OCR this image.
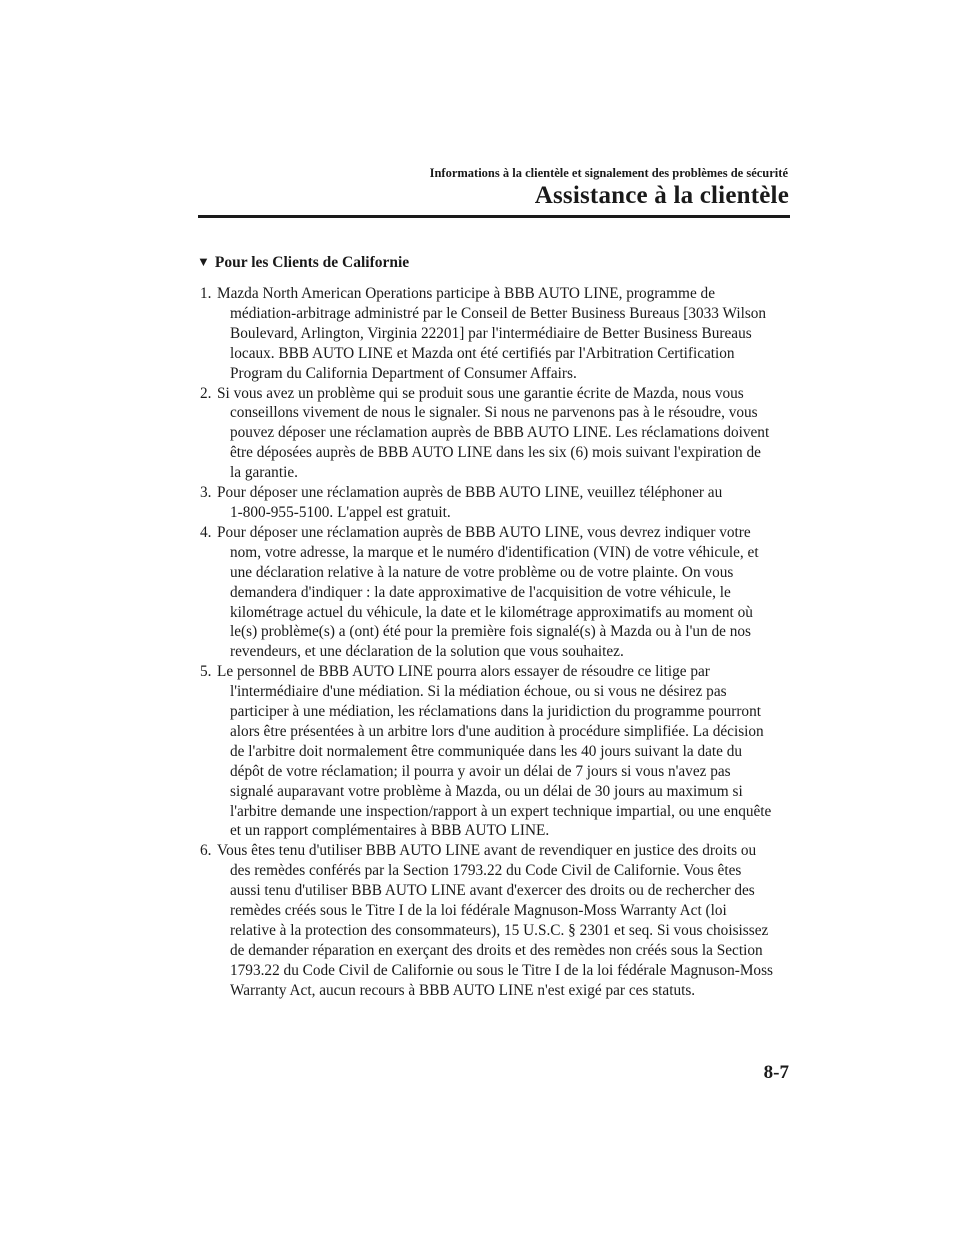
Informations à la clientèle et signalement des problèmes de sécurité
Assistance à la clientèle
▼ Pour les Clients de Californie
1. Mazda North American Operations participe à BBB AUTO LINE, programme de
médiation-arbitrage administré par le Conseil de Better Business Bureaus [3033 Wilson
Boulevard, Arlington, Virginia 22201] par l'intermédiaire de Better Business Bureaus
locaux. BBB AUTO LINE et Mazda ont été certifiés par l'Arbitration Certification
Program du California Department of Consumer Affairs.
2. Si vous avez un problème qui se produit sous une garantie écrite de Mazda, nous vous
conseillons vivement de nous le signaler. Si nous ne parvenons pas à le résoudre, vous
pouvez déposer une réclamation auprès de BBB AUTO LINE. Les réclamations doivent
être déposées auprès de BBB AUTO LINE dans les six (6) mois suivant l'expiration de
la garantie.
3. Pour déposer une réclamation auprès de BBB AUTO LINE, veuillez téléphoner au
1-800-955-5100. L'appel est gratuit.
4. Pour déposer une réclamation auprès de BBB AUTO LINE, vous devrez indiquer votre
nom, votre adresse, la marque et le numéro d'identification (VIN) de votre véhicule, et
une déclaration relative à la nature de votre problème ou de votre plainte. On vous
demandera d'indiquer : la date approximative de l'acquisition de votre véhicule, le
kilométrage actuel du véhicule, la date et le kilométrage approximatifs au moment où
le(s) problème(s) a (ont) été pour la première fois signalé(s) à Mazda ou à l'un de nos
revendeurs, et une déclaration de la solution que vous souhaitez.
5. Le personnel de BBB AUTO LINE pourra alors essayer de résoudre ce litige par
l'intermédiaire d'une médiation. Si la médiation échoue, ou si vous ne désirez pas
participer à une médiation, les réclamations dans la juridiction du programme pourront
alors être présentées à un arbitre lors d'une audition à procédure simplifiée. La décision
de l'arbitre doit normalement être communiquée dans les 40 jours suivant la date du
dépôt de votre réclamation; il pourra y avoir un délai de 7 jours si vous n'avez pas
signalé auparavant votre problème à Mazda, ou un délai de 30 jours au maximum si
l'arbitre demande une inspection/rapport à un expert technique impartial, ou une enquête
et un rapport complémentaires à BBB AUTO LINE.
6. Vous êtes tenu d'utiliser BBB AUTO LINE avant de revendiquer en justice des droits ou
des remèdes conférés par la Section 1793.22 du Code Civil de Californie. Vous êtes
aussi tenu d'utiliser BBB AUTO LINE avant d'exercer des droits ou de rechercher des
remèdes créés sous le Titre I de la loi fédérale Magnuson-Moss Warranty Act (loi
relative à la protection des consommateurs), 15 U.S.C. § 2301 et seq. Si vous choisissez
de demander réparation en exerçant des droits et des remèdes non créés sous la Section
1793.22 du Code Civil de Californie ou sous le Titre I de la loi fédérale Magnuson-Moss
Warranty Act, aucun recours à BBB AUTO LINE n'est exigé par ces statuts.
8-7
